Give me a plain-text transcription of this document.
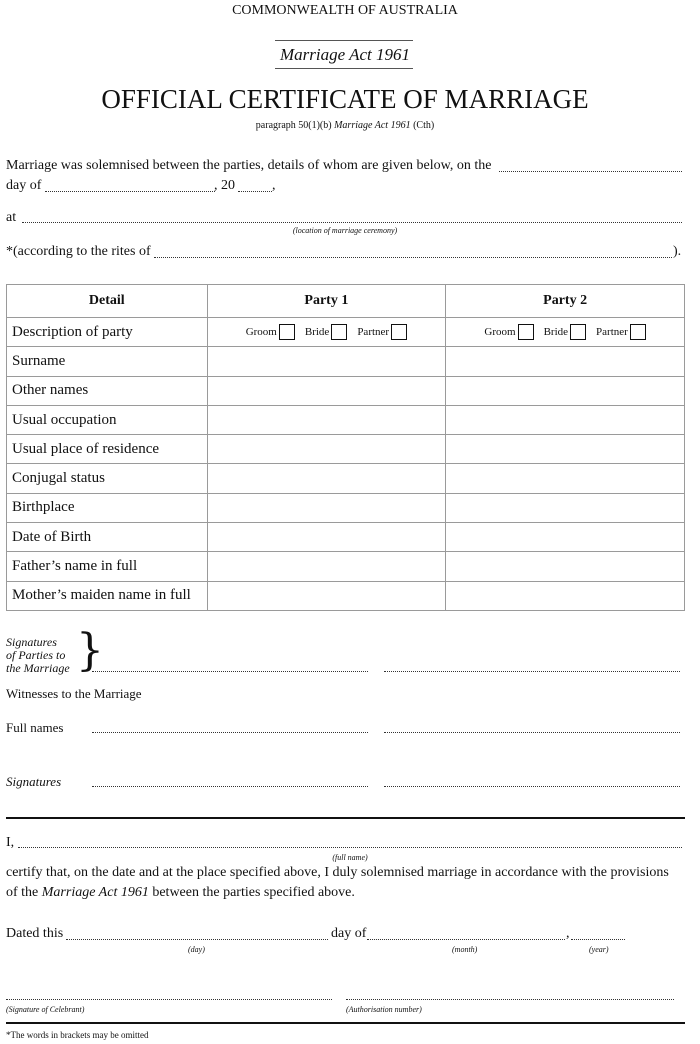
COMMONWEALTH OF AUSTRALIA
Marriage Act 1961
OFFICIAL CERTIFICATE OF MARRIAGE
paragraph 50(1)(b) Marriage Act 1961 (Cth)
Marriage was solemnised between the parties, details of whom are given below, on the
day of	, 20	,
at
(location of marriage ceremony)
*(according to the rites of	).
Detail	Party 1	Party 2
Description of party	Groom Bride Partner	Groom Bride Partner

Surname		
Other names		
Usual occupation		
Usual place of residence		
Conjugal status		
Birthplace		
Date of Birth		
Father’s name in full		
Mother’s maiden name in full		
Signatures
of Parties to
the Marriage }
Witnesses to the Marriage
Full names
Signatures
I,
(full name)
certify that, on the date and at the place specified above, I duly solemnised marriage in accordance with the provisions
of the Marriage Act 1961 between the parties specified above.
Dated this	day of	,
(day)	(month)	(year)
(Signature of Celebrant)	(Authorisation number)
*The words in brackets may be omitted
